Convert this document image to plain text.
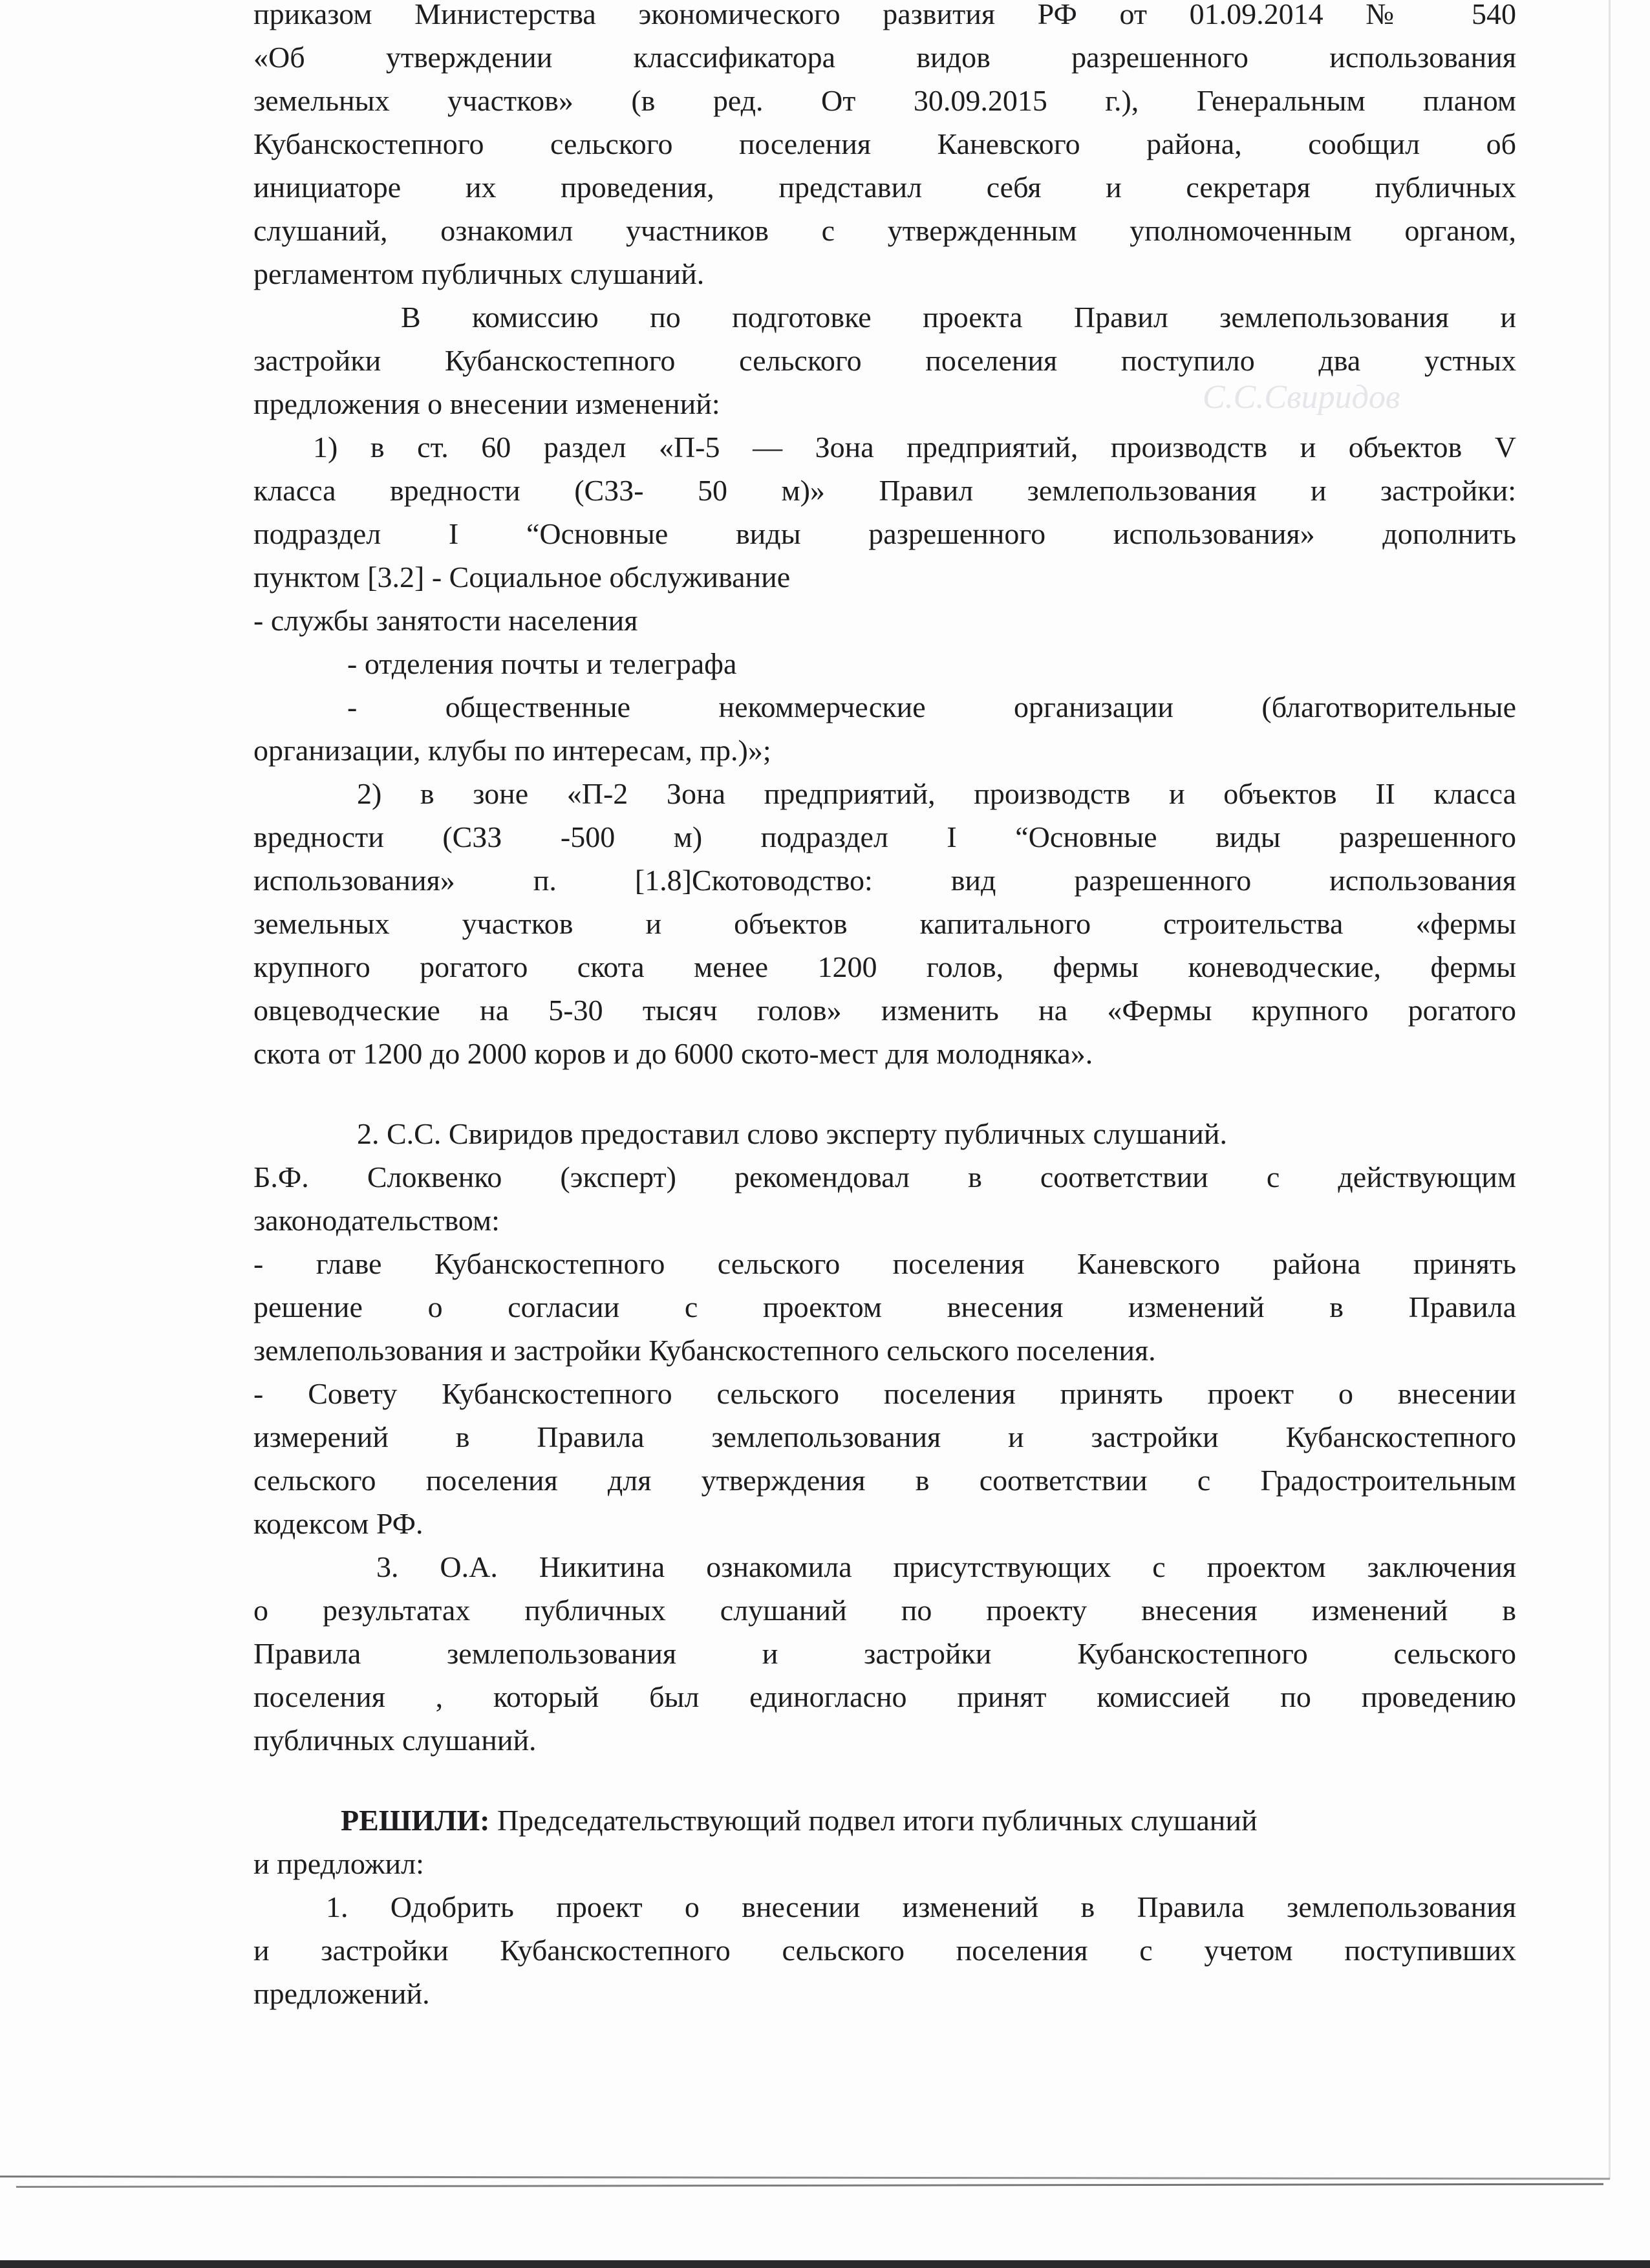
С.С.Свиридов
приказом Министерства экономического развития РФ от 01.09.2014 № 540
«Об утверждении классификатора видов разрешенного использования
земельных участков» (в ред. От 30.09.2015 г.), Генеральным планом
Кубанскостепного сельского поселения Каневского района, сообщил об
инициаторе их проведения, представил себя и секретаря публичных
слушаний, ознакомил участников с утвержденным уполномоченным органом,
регламентом публичных слушаний.
В комиссию по подготовке проекта Правил землепользования и
застройки Кубанскостепного сельского поселения поступило два устных
предложения о внесении изменений:
1) в ст. 60 раздел «П-5 — Зона предприятий, производств и объектов V
класса вредности (СЗЗ- 50 м)» Правил землепользования и застройки:
подраздел I “Основные виды разрешенного использования» дополнить
пунктом [3.2] - Социальное обслуживание
- службы занятости населения
- отделения почты и телеграфа
- общественные некоммерческие организации (благотворительные
организации, клубы по интересам, пр.)»;
2) в зоне «П-2 Зона предприятий, производств и объектов II класса
вредности (СЗЗ -500 м) подраздел I “Основные виды разрешенного
использования» п. [1.8]Скотоводство: вид разрешенного использования
земельных участков и объектов капитального строительства «фермы
крупного рогатого скота менее 1200 голов, фермы коневодческие, фермы
овцеводческие на 5-30 тысяч голов» изменить на «Фермы крупного рогатого
скота от 1200 до 2000 коров и до 6000 ското-мест для молодняка».
2. С.С. Свиридов предоставил слово эксперту публичных слушаний.
Б.Ф. Слоквенко (эксперт) рекомендовал в соответствии с действующим
законодательством:
- главе Кубанскостепного сельского поселения Каневского района принять
решение о согласии с проектом внесения изменений в Правила
землепользования и застройки Кубанскостепного сельского поселения.
- Совету Кубанскостепного сельского поселения принять проект о внесении
измерений в Правила землепользования и застройки Кубанскостепного
сельского поселения для утверждения в соответствии с Градостроительным
кодексом РФ.
3. О.А. Никитина ознакомила присутствующих с проектом заключения
о результатах публичных слушаний по проекту внесения изменений в
Правила землепользования и застройки Кубанскостепного сельского
поселения , который был единогласно принят комиссией по проведению
публичных слушаний.
РЕШИЛИ: Председательствующий подвел итоги публичных слушаний
и предложил:
1. Одобрить проект о внесении изменений в Правила землепользования
и застройки Кубанскостепного сельского поселения с учетом поступивших
предложений.
